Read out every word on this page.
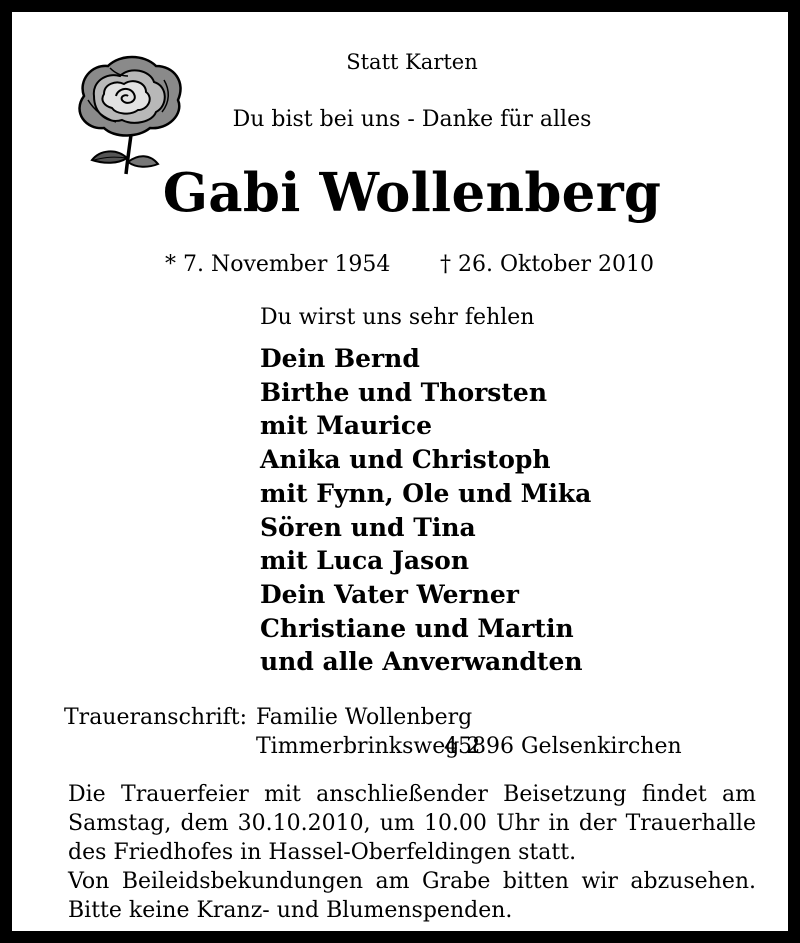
Statt Karten
Du bist bei uns - Danke für alles
Gabi Wollenberg
* 7. November 1954 † 26. Oktober 2010
Du wirst uns sehr fehlen
Dein Bernd
Birthe und Thorsten
mit Maurice
Anika und Christoph
mit Fynn, Ole und Mika
Sören und Tina
mit Luca Jason
Dein Vater Werner
Christiane und Martin
und alle Anverwandten
Traueranschrift: Familie Wollenberg
Timmerbrinksweg 2
45896 Gelsenkirchen
Die Trauerfeier mit anschließender Beisetzung findet am
Samstag, dem 30.10.2010, um 10.00 Uhr in der Trauerhalle
des Friedhofes in Hassel-Oberfeldingen statt.
Von Beileidsbekundungen am Grabe bitten wir abzusehen.
Bitte keine Kranz- und Blumenspenden.
